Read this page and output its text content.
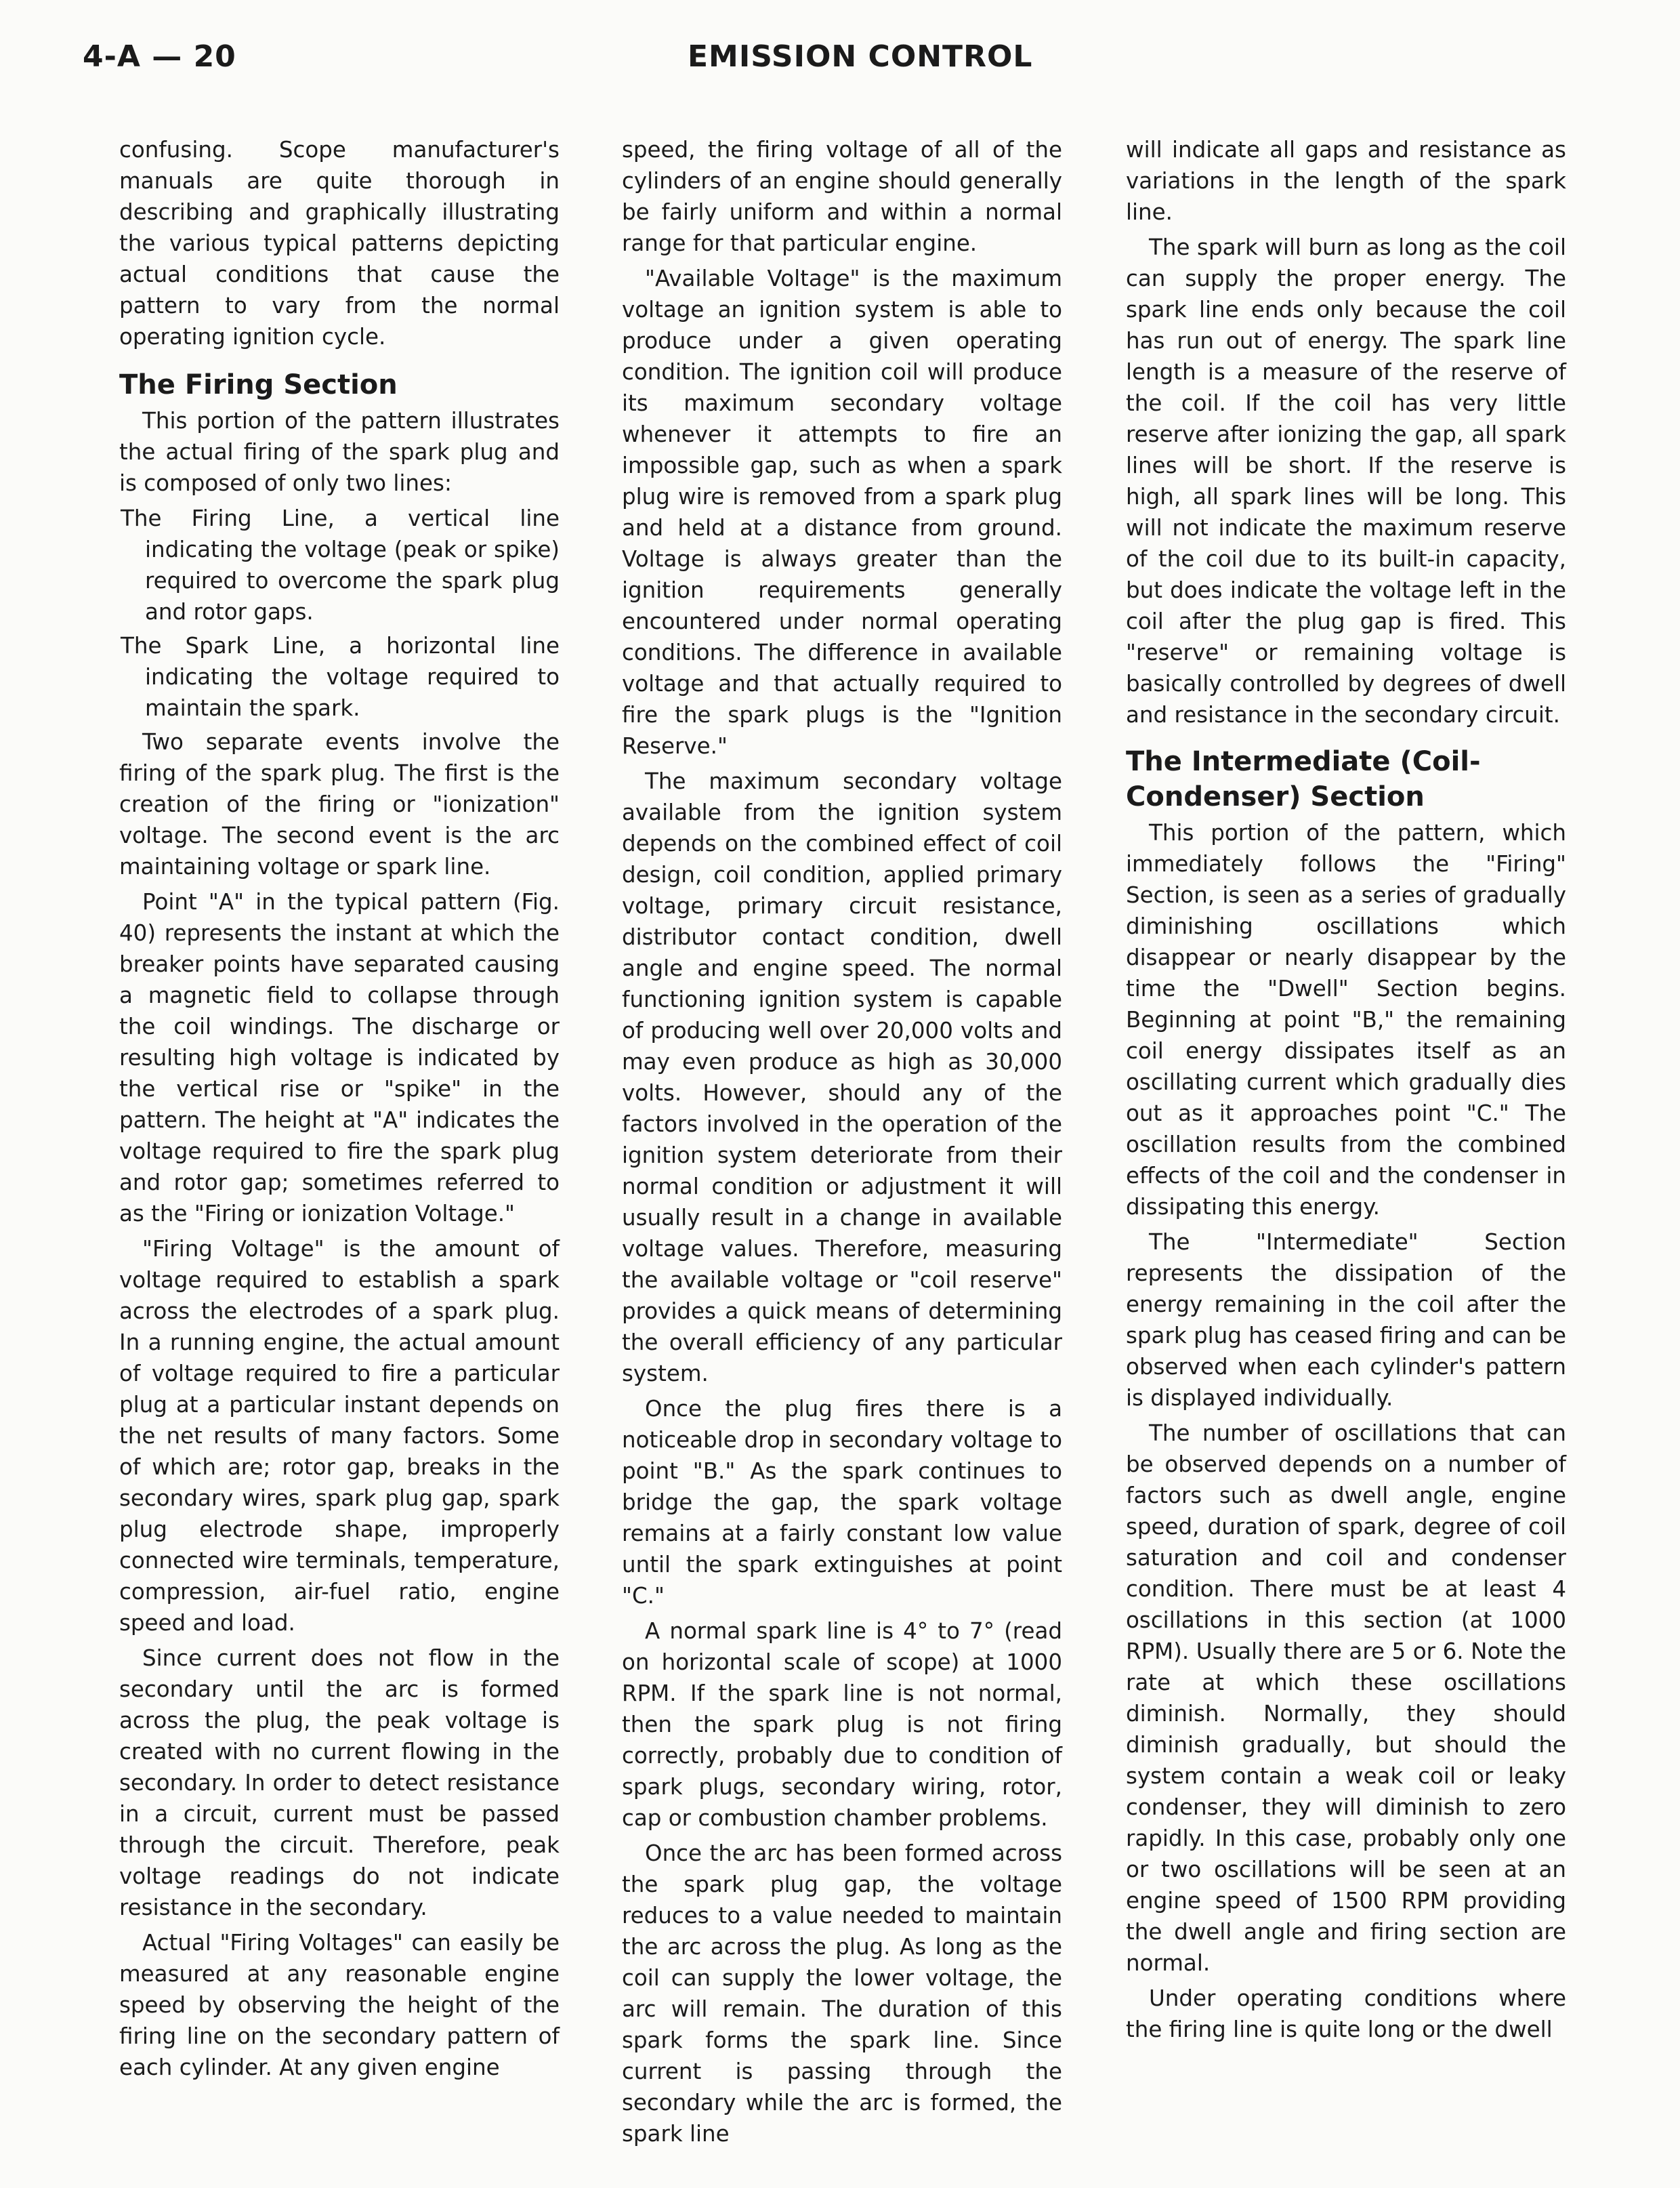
4-A — 20	EMISSION CONTROL

confusing. Scope manufacturer's manuals are quite thorough in describing and graphically illustrating the various typical patterns depicting actual conditions that cause the pattern to vary from the normal operating ignition cycle.

The Firing Section

This portion of the pattern illustrates the actual firing of the spark plug and is composed of only two lines:

The Firing Line, a vertical line indicating the voltage (peak or spike) required to overcome the spark plug and rotor gaps.

The Spark Line, a horizontal line indicating the voltage required to maintain the spark.

Two separate events involve the firing of the spark plug. The first is the creation of the firing or "ionization" voltage. The second event is the arc maintaining voltage or spark line.

Point "A" in the typical pattern (Fig. 40) represents the instant at which the breaker points have separated causing a magnetic field to collapse through the coil windings. The discharge or resulting high voltage is indicated by the vertical rise or "spike" in the pattern. The height at "A" indicates the voltage required to fire the spark plug and rotor gap; sometimes referred to as the "Firing or ionization Voltage."

"Firing Voltage" is the amount of voltage required to establish a spark across the electrodes of a spark plug. In a running engine, the actual amount of voltage required to fire a particular plug at a particular instant depends on the net results of many factors. Some of which are; rotor gap, breaks in the secondary wires, spark plug gap, spark plug electrode shape, improperly connected wire terminals, temperature, compression, air-fuel ratio, engine speed and load.

Since current does not flow in the secondary until the arc is formed across the plug, the peak voltage is created with no current flowing in the secondary. In order to detect resistance in a circuit, current must be passed through the circuit. Therefore, peak voltage readings do not indicate resistance in the secondary.

Actual "Firing Voltages" can easily be measured at any reasonable engine speed by observing the height of the firing line on the secondary pattern of each cylinder. At any given engine

speed, the firing voltage of all of the cylinders of an engine should generally be fairly uniform and within a normal range for that particular engine.

"Available Voltage" is the maximum voltage an ignition system is able to produce under a given operating condition. The ignition coil will produce its maximum secondary voltage whenever it attempts to fire an impossible gap, such as when a spark plug wire is removed from a spark plug and held at a distance from ground. Voltage is always greater than the ignition requirements generally encountered under normal operating conditions. The difference in available voltage and that actually required to fire the spark plugs is the "Ignition Reserve."

The maximum secondary voltage available from the ignition system depends on the combined effect of coil design, coil condition, applied primary voltage, primary circuit resistance, distributor contact condition, dwell angle and engine speed. The normal functioning ignition system is capable of producing well over 20,000 volts and may even produce as high as 30,000 volts. However, should any of the factors involved in the operation of the ignition system deteriorate from their normal condition or adjustment it will usually result in a change in available voltage values. Therefore, measuring the available voltage or "coil reserve" provides a quick means of determining the overall efficiency of any particular system.

Once the plug fires there is a noticeable drop in secondary voltage to point "B." As the spark continues to bridge the gap, the spark voltage remains at a fairly constant low value until the spark extinguishes at point "C."

A normal spark line is 4° to 7° (read on horizontal scale of scope) at 1000 RPM. If the spark line is not normal, then the spark plug is not firing correctly, probably due to condition of spark plugs, secondary wiring, rotor, cap or combustion chamber problems.

Once the arc has been formed across the spark plug gap, the voltage reduces to a value needed to maintain the arc across the plug. As long as the coil can supply the lower voltage, the arc will remain. The duration of this spark forms the spark line. Since current is passing through the secondary while the arc is formed, the spark line

will indicate all gaps and resistance as variations in the length of the spark line.

The spark will burn as long as the coil can supply the proper energy. The spark line ends only because the coil has run out of energy. The spark line length is a measure of the reserve of the coil. If the coil has very little reserve after ionizing the gap, all spark lines will be short. If the reserve is high, all spark lines will be long. This will not indicate the maximum reserve of the coil due to its built-in capacity, but does indicate the voltage left in the coil after the plug gap is fired. This "reserve" or remaining voltage is basically controlled by degrees of dwell and resistance in the secondary circuit.

The Intermediate (Coil-Condenser) Section

This portion of the pattern, which immediately follows the "Firing" Section, is seen as a series of gradually diminishing oscillations which disappear or nearly disappear by the time the "Dwell" Section begins. Beginning at point "B," the remaining coil energy dissipates itself as an oscillating current which gradually dies out as it approaches point "C." The oscillation results from the combined effects of the coil and the condenser in dissipating this energy.

The "Intermediate" Section represents the dissipation of the energy remaining in the coil after the spark plug has ceased firing and can be observed when each cylinder's pattern is displayed individually.

The number of oscillations that can be observed depends on a number of factors such as dwell angle, engine speed, duration of spark, degree of coil saturation and coil and condenser condition. There must be at least 4 oscillations in this section (at 1000 RPM). Usually there are 5 or 6. Note the rate at which these oscillations diminish. Normally, they should diminish gradually, but should the system contain a weak coil or leaky condenser, they will diminish to zero rapidly. In this case, probably only one or two oscillations will be seen at an engine speed of 1500 RPM providing the dwell angle and firing section are normal.

Under operating conditions where the firing line is quite long or the dwell
